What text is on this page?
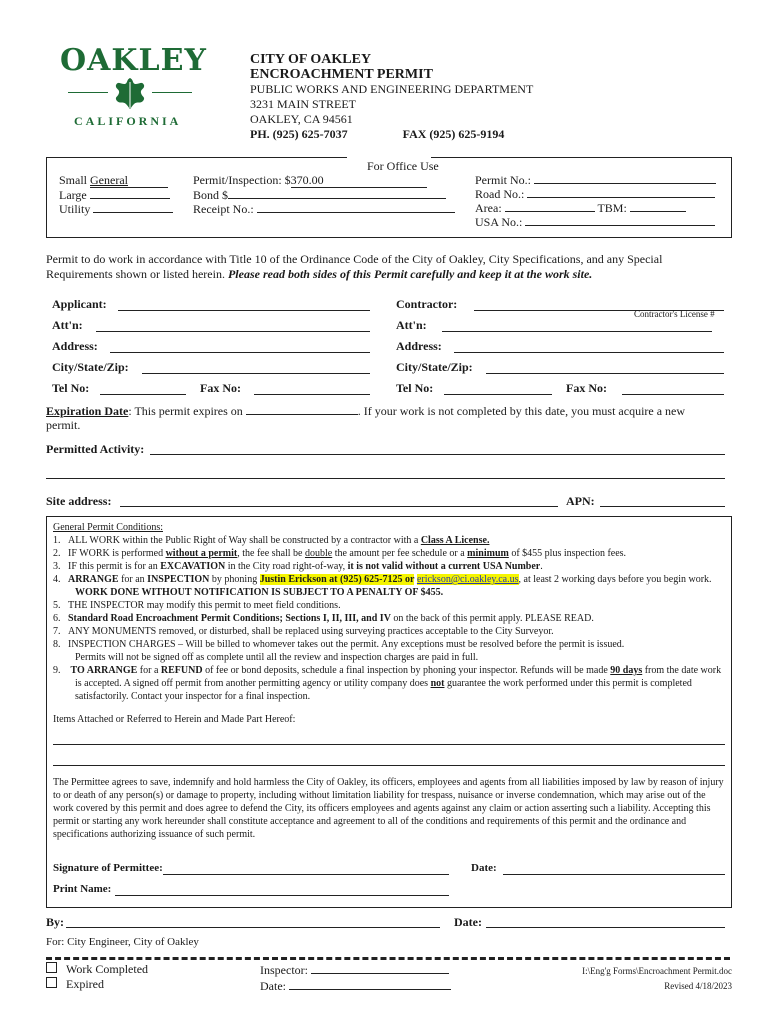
OAKLEY
CALIFORNIA
CITY OF OAKLEY
ENCROACHMENT PERMIT
PUBLIC WORKS AND ENGINEERING DEPARTMENT
3231 MAIN STREET
OAKLEY, CA 94561
PH. (925) 625-7037	FAX (925) 625-9194
For Office Use
Small General
Large
Utility
Permit/Inspection: $370.00
Bond $
Receipt No.:
Permit No.:
Road No.:
Area:	TBM:
USA No.:
Permit to do work in accordance with Title 10 of the Ordinance Code of the City of Oakley, City Specifications, and any Special Requirements shown or listed herein. Please read both sides of this Permit carefully and keep it at the work site.
Applicant:	Contractor:
Contractor's License #
Att'n:	Att'n:
Address:	Address:
City/State/Zip:	City/State/Zip:
Tel No:	Fax No:	Tel No:	Fax No:
Expiration Date: This permit expires on	. If your work is not completed by this date, you must acquire a new permit.
Permitted Activity:
Site address:	APN:

General Permit Conditions:

1.   ALL WORK within the Public Right of Way shall be constructed by a contractor with a Class A License.

2.   IF WORK is performed without a permit, the fee shall be double the amount per fee schedule or a minimum of $455 plus inspection fees.

3.   IF this permit is for an EXCAVATION in the City road right-of-way, it is not valid without a current USA Number.

4.   ARRANGE for an INSPECTION by phoning Justin Erickson at (925) 625-7125 or erickson@ci.oakley.ca.us, at least 2 working days before you begin work.

WORK DONE WITHOUT NOTIFICATION IS SUBJECT TO A PENALTY OF $455.

5.   THE INSPECTOR may modify this permit to meet field conditions.

6.   Standard Road Encroachment Permit Conditions; Sections I, II, III, and IV on the back of this permit apply. PLEASE READ.

7.   ANY MONUMENTS removed, or disturbed, shall be replaced using surveying practices acceptable to the City Surveyor.

8.   INSPECTION CHARGES – Will be billed to whomever takes out the permit. Any exceptions must be resolved before the permit is issued.

Permits will not be signed off as complete until all the review and inspection charges are paid in full.

9.    TO ARRANGE for a REFUND of fee or bond deposits, schedule a final inspection by phoning your inspector. Refunds will be made 90 days from the date work is accepted. A signed off permit from another permitting agency or utility company does not guarantee the work performed under this permit is completed satisfactorily. Contact your inspector for a final inspection.

Items Attached or Referred to Herein and Made Part Hereof:

The Permittee agrees to save, indemnify and hold harmless the City of Oakley, its officers, employees and agents from all liabilities imposed by law by reason of injury to or death of any person(s) or damage to property, including without limitation liability for trespass, nuisance or inverse condemnation, which may arise out of the work covered by this permit and does agree to defend the City, its officers employees and agents against any claim or action asserting such a liability. Accepting this permit or starting any work hereunder shall constitute acceptance and agreement to all of the conditions and requirements of this permit and the ordinance and specifications authorizing issuance of such permit.

Signature of Permittee:	Date:
Print Name:
By:	Date:
For: City Engineer, City of Oakley
Work Completed
Expired
Inspector:
Date:
I:\Eng'g Forms\Encroachment Permit.doc
Revised 4/18/2023
